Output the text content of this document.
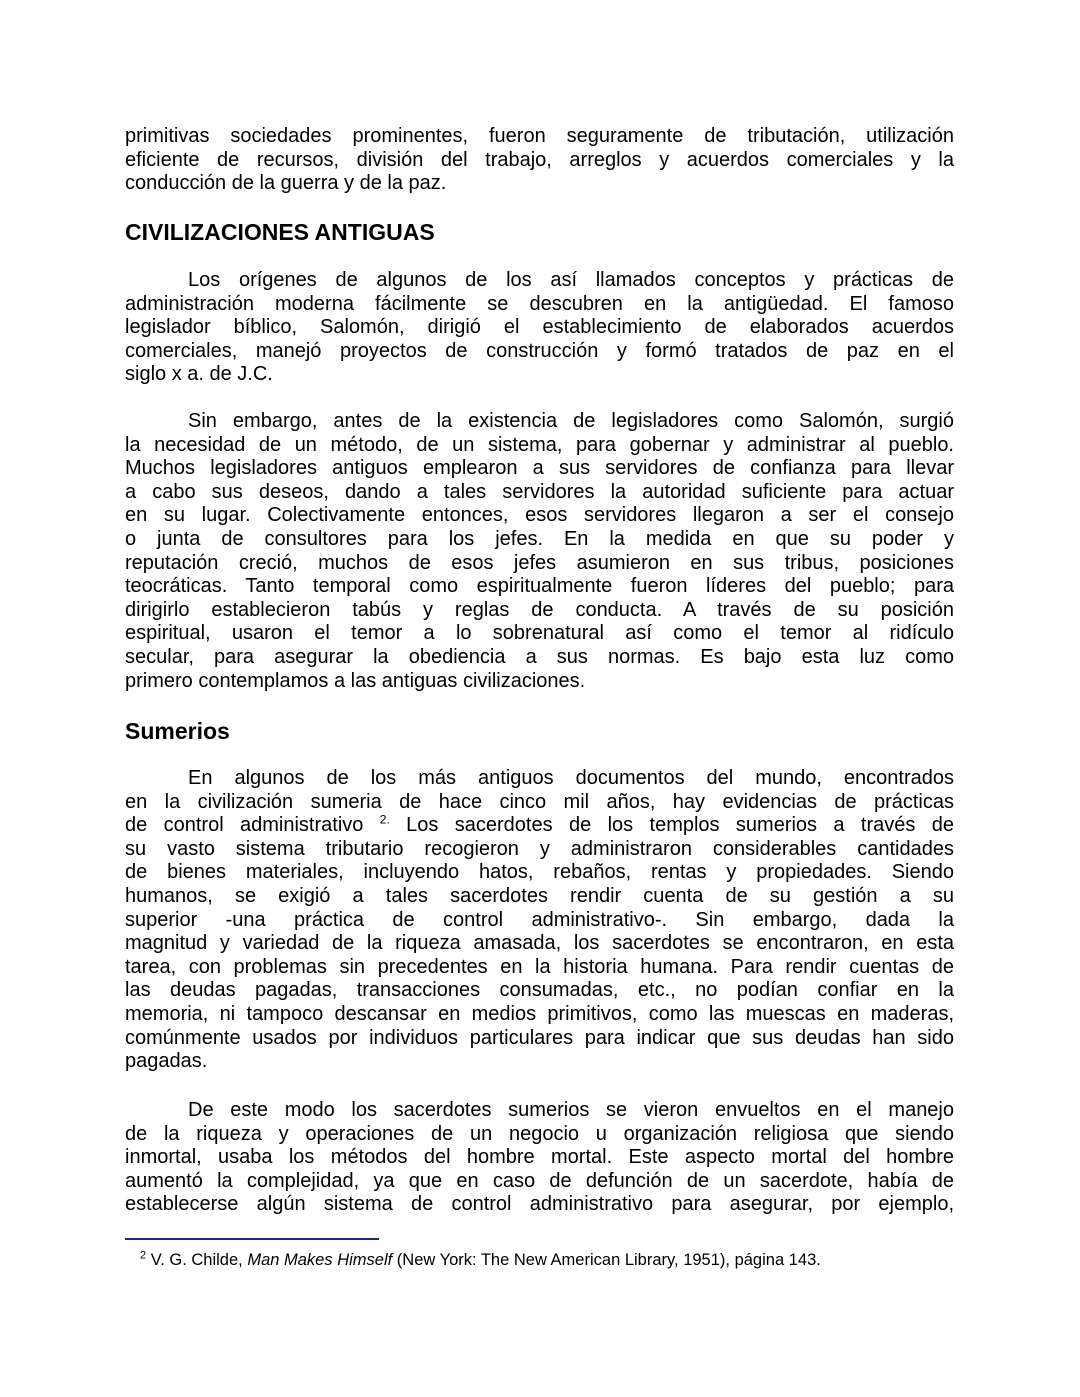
primitivas sociedades prominentes, fueron seguramente de tributación, utilización
eficiente de recursos, división del trabajo, arreglos y acuerdos comerciales y la
conducción de la guerra y de la paz.
CIVILIZACIONES ANTIGUAS
Los orígenes de algunos de los así llamados conceptos y prácticas de
administración moderna fácilmente se descubren en la antigüedad. El famoso
legislador bíblico, Salomón, dirigió el establecimiento de elaborados acuerdos
comerciales, manejó proyectos de construcción y formó tratados de paz en el
siglo x a. de J.C.
Sin embargo, antes de la existencia de legisladores como Salomón, surgió
la necesidad de un método, de un sistema, para gobernar y administrar al pueblo.
Muchos legisladores antiguos emplearon a sus servidores de confianza para llevar
a cabo sus deseos, dando a tales servidores la autoridad suficiente para actuar
en su lugar. Colectivamente entonces, esos servidores llegaron a ser el consejo
o junta de consultores para los jefes. En la medida en que su poder y
reputación creció, muchos de esos jefes asumieron en sus tribus, posiciones
teocráticas. Tanto temporal como espiritualmente fueron líderes del pueblo; para
dirigirlo establecieron tabús y reglas de conducta. A través de su posición
espiritual, usaron el temor a lo sobrenatural así como el temor al ridículo
secular, para asegurar la obediencia a sus normas. Es bajo esta luz como
primero contemplamos a las antiguas civilizaciones.
Sumerios
En algunos de los más antiguos documentos del mundo, encontrados
en la civilización sumeria de hace cinco mil años, hay evidencias de prácticas
de control administrativo $^{2.}$ Los sacerdotes de los templos sumerios a través de
su vasto sistema tributario recogieron y administraron considerables cantidades
de bienes materiales, incluyendo hatos, rebaños, rentas y propiedades. Siendo
humanos, se exigió a tales sacerdotes rendir cuenta de su gestión a su
superior -una práctica de control administrativo-. Sin embargo, dada la
magnitud y variedad de la riqueza amasada, los sacerdotes se encontraron, en esta
tarea, con problemas sin precedentes en la historia humana. Para rendir cuentas de
las deudas pagadas, transacciones consumadas, etc., no podían confiar en la
memoria, ni tampoco descansar en medios primitivos, como las muescas en maderas,
comúnmente usados por individuos particulares para indicar que sus deudas han sido
pagadas.
De este modo los sacerdotes sumerios se vieron envueltos en el manejo
de la riqueza y operaciones de un negocio u organización religiosa que siendo
inmortal, usaba los métodos del hombre mortal. Este aspecto mortal del hombre
aumentó la complejidad, ya que en caso de defunción de un sacerdote, había de
establecerse algún sistema de control administrativo para asegurar, por ejemplo,
$^2$ V. G. Childe, Man Makes Himself (New York: The New American Library, 1951), página 143.
